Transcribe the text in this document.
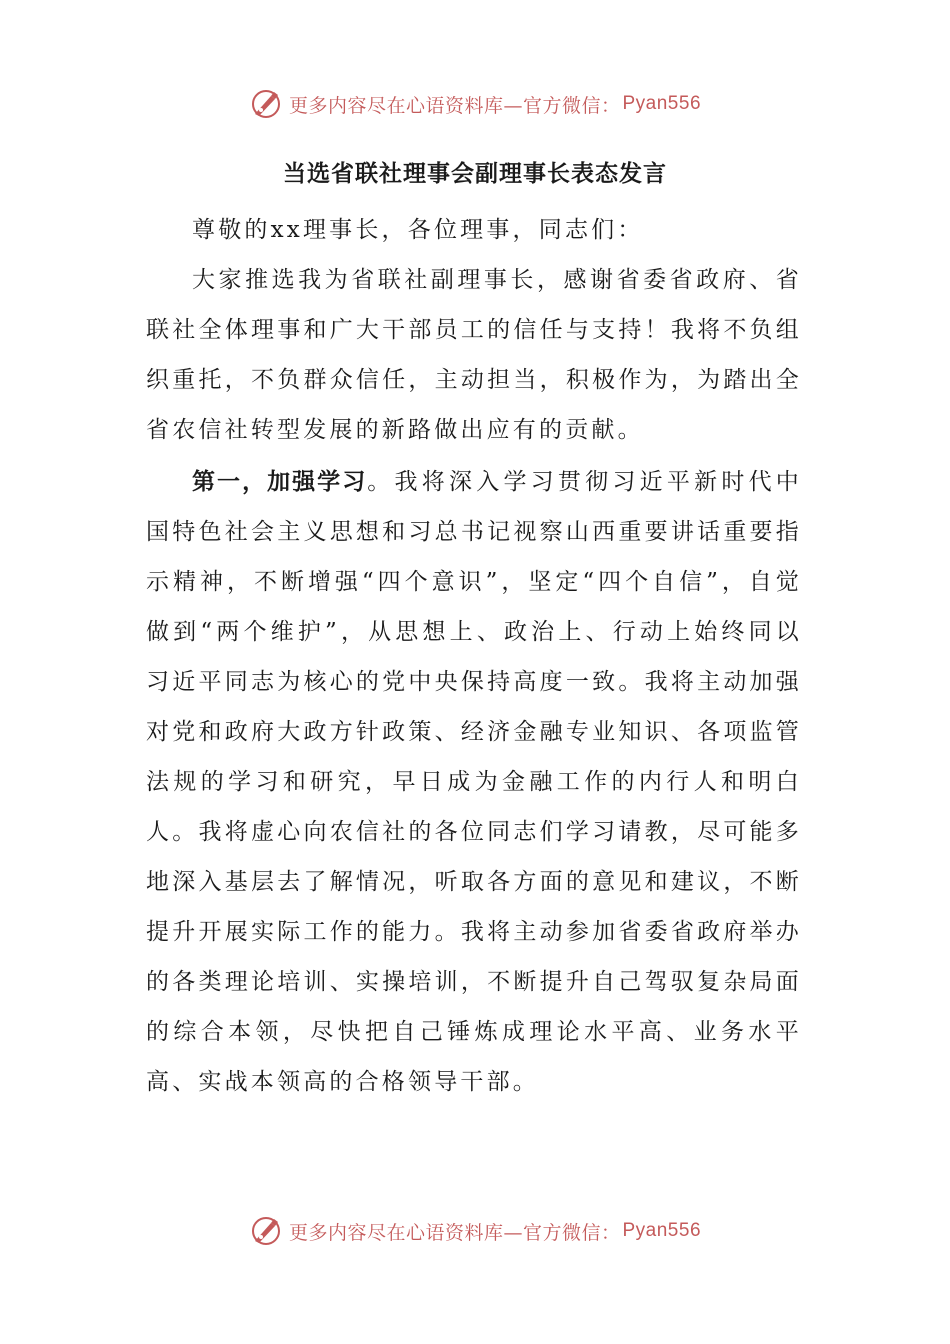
更多内容尽在心语资料库—官方微信： Pyan556
当选省联社理事会副理事长表态发言

尊敬的xx理事长，各位理事，同志们：

大家推选我为省联社副理事长，感谢省委省政府、省联社全体理事和广大干部员工的信任与支持！我将不负组织重托，不负群众信任，主动担当，积极作为，为踏出全省农信社转型发展的新路做出应有的贡献。

第一，加强学习。我将深入学习贯彻习近平新时代中国特色社会主义思想和习总书记视察山西重要讲话重要指示精神，不断增强“四个意识”，坚定“四个自信”，自觉做到“两个维护”，从思想上、政治上、行动上始终同以习近平同志为核心的党中央保持高度一致。我将主动加强对党和政府大政方针政策、经济金融专业知识、各项监管法规的学习和研究，早日成为金融工作的内行人和明白人。我将虚心向农信社的各位同志们学习请教，尽可能多地深入基层去了解情况，听取各方面的意见和建议，不断提升开展实际工作的能力。我将主动参加省委省政府举办的各类理论培训、实操培训，不断提升自己驾驭复杂局面的综合本领，尽快把自己锤炼成理论水平高、业务水平高、实战本领高的合格领导干部。

更多内容尽在心语资料库—官方微信： Pyan556
